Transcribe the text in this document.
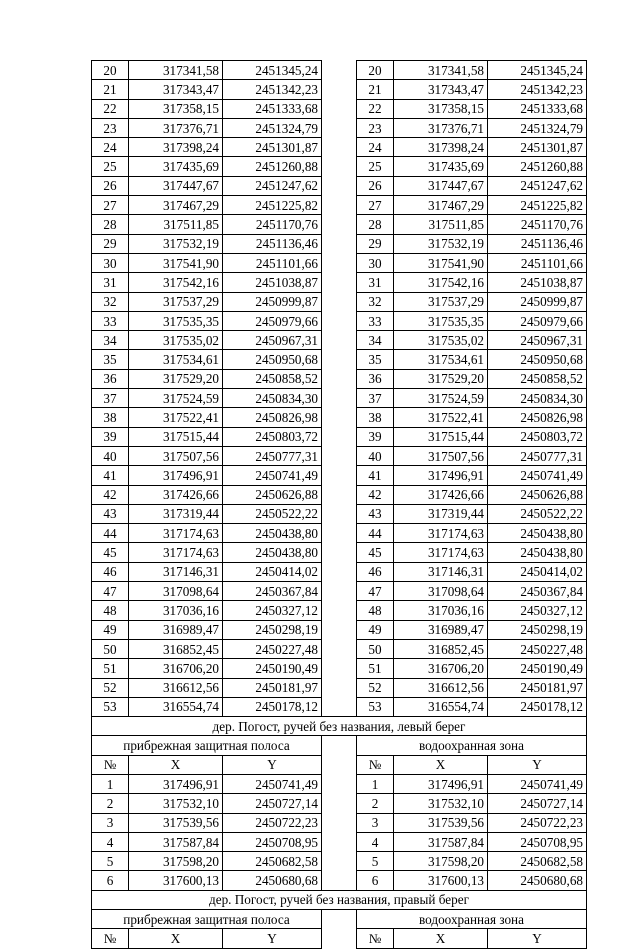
20	317341,58	2451345,24		20	317341,58	2451345,24
21	317343,47	2451342,23		21	317343,47	2451342,23
22	317358,15	2451333,68		22	317358,15	2451333,68
23	317376,71	2451324,79		23	317376,71	2451324,79
24	317398,24	2451301,87		24	317398,24	2451301,87
25	317435,69	2451260,88		25	317435,69	2451260,88
26	317447,67	2451247,62		26	317447,67	2451247,62
27	317467,29	2451225,82		27	317467,29	2451225,82
28	317511,85	2451170,76		28	317511,85	2451170,76
29	317532,19	2451136,46		29	317532,19	2451136,46
30	317541,90	2451101,66		30	317541,90	2451101,66
31	317542,16	2451038,87		31	317542,16	2451038,87
32	317537,29	2450999,87		32	317537,29	2450999,87
33	317535,35	2450979,66		33	317535,35	2450979,66
34	317535,02	2450967,31		34	317535,02	2450967,31
35	317534,61	2450950,68		35	317534,61	2450950,68
36	317529,20	2450858,52		36	317529,20	2450858,52
37	317524,59	2450834,30		37	317524,59	2450834,30
38	317522,41	2450826,98		38	317522,41	2450826,98
39	317515,44	2450803,72		39	317515,44	2450803,72
40	317507,56	2450777,31		40	317507,56	2450777,31
41	317496,91	2450741,49		41	317496,91	2450741,49
42	317426,66	2450626,88		42	317426,66	2450626,88
43	317319,44	2450522,22		43	317319,44	2450522,22
44	317174,63	2450438,80		44	317174,63	2450438,80
45	317174,63	2450438,80		45	317174,63	2450438,80
46	317146,31	2450414,02		46	317146,31	2450414,02
47	317098,64	2450367,84		47	317098,64	2450367,84
48	317036,16	2450327,12		48	317036,16	2450327,12
49	316989,47	2450298,19		49	316989,47	2450298,19
50	316852,45	2450227,48		50	316852,45	2450227,48
51	316706,20	2450190,49		51	316706,20	2450190,49
52	316612,56	2450181,97		52	316612,56	2450181,97
53	316554,74	2450178,12		53	316554,74	2450178,12
дер. Погост, ручей без названия, левый берег						
прибрежная защитная полоса				водоохранная зона		
№	X	Y		№	X	Y
1	317496,91	2450741,49		1	317496,91	2450741,49
2	317532,10	2450727,14		2	317532,10	2450727,14
3	317539,56	2450722,23		3	317539,56	2450722,23
4	317587,84	2450708,95		4	317587,84	2450708,95
5	317598,20	2450682,58		5	317598,20	2450682,58
6	317600,13	2450680,68		6	317600,13	2450680,68
дер. Погост, ручей без названия, правый берег						
прибрежная защитная полоса				водоохранная зона		
№	X	Y		№	X	Y
